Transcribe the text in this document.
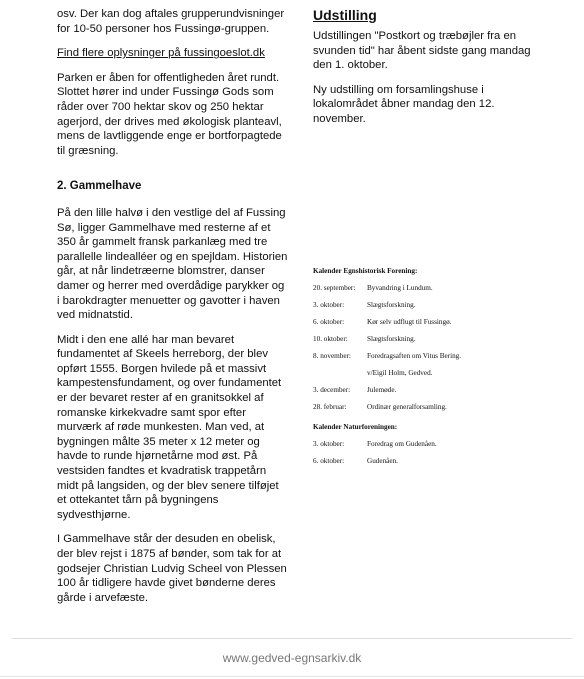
osv. Der kan dog aftales grupperundvisninger for 10-50 personer hos Fussingø-gruppen.

Find flere oplysninger på fussingoeslot.dk

Parken er åben for offentligheden året rundt. Slottet hører ind under Fussingø Gods som råder over 700 hektar skov og 250 hektar agerjord, der drives med økologisk planteavl, mens de lavtliggende enge er bortforpagtede til græsning.

2. Gammelhave

På den lille halvø i den vestlige del af Fussing Sø, ligger Gammelhave med resterne af et 350 år gammelt fransk parkanlæg med tre parallelle lindealléer og en spejldam. Historien går, at når lindetræerne blomstrer, danser damer og herrer med overdådige parykker og i barokdragter menuetter og gavotter i haven ved midnatstid.

Midt i den ene allé har man bevaret fundamentet af Skeels herreborg, der blev opført 1555. Borgen hvilede på et massivt kampestensfundament, og over fundamentet er der bevaret rester af en granitsokkel af romanske kirkekvadre samt spor efter murværk af røde munkesten. Man ved, at bygningen målte 35 meter x 12 meter og havde to runde hjørnetårne mod øst. På vestsiden fandtes et kvadratisk trappetårn midt på langsiden, og der blev senere tilføjet et ottekantet tårn på bygningens sydvesthjørne.

I Gammelhave står der desuden en obelisk, der blev rejst i 1875 af bønder, som tak for at godsejer Christian Ludvig Scheel von Plessen 100 år tidligere havde givet bønderne deres gårde i arvefæste.

Udstilling

Udstillingen "Postkort og træbøjler fra en svunden tid" har åbent sidste gang mandag den 1. oktober.

Ny udstilling om forsamlingshuse i lokalområdet åbner mandag den 12. november.

Kalender Egnshistorisk Forening:
20. september:	Byvandring i Lundum.
3. oktober:	Slægtsforskning.
6. oktober:	Kør selv udflugt til Fussingø.
10. oktober:	Slægtsforskning.
8. november:	Foredragsaften om Vitus Bering.
v/Eigil Holm, Gedved.
3. december:	Julemøde.
28. februar:	Ordinær generalforsamling.
Kalender Naturforeningen:
3. oktober:	Foredrag om Gudenåen.
6. oktober:	Gudenåen.
www.gedved-egnsarkiv.dk
